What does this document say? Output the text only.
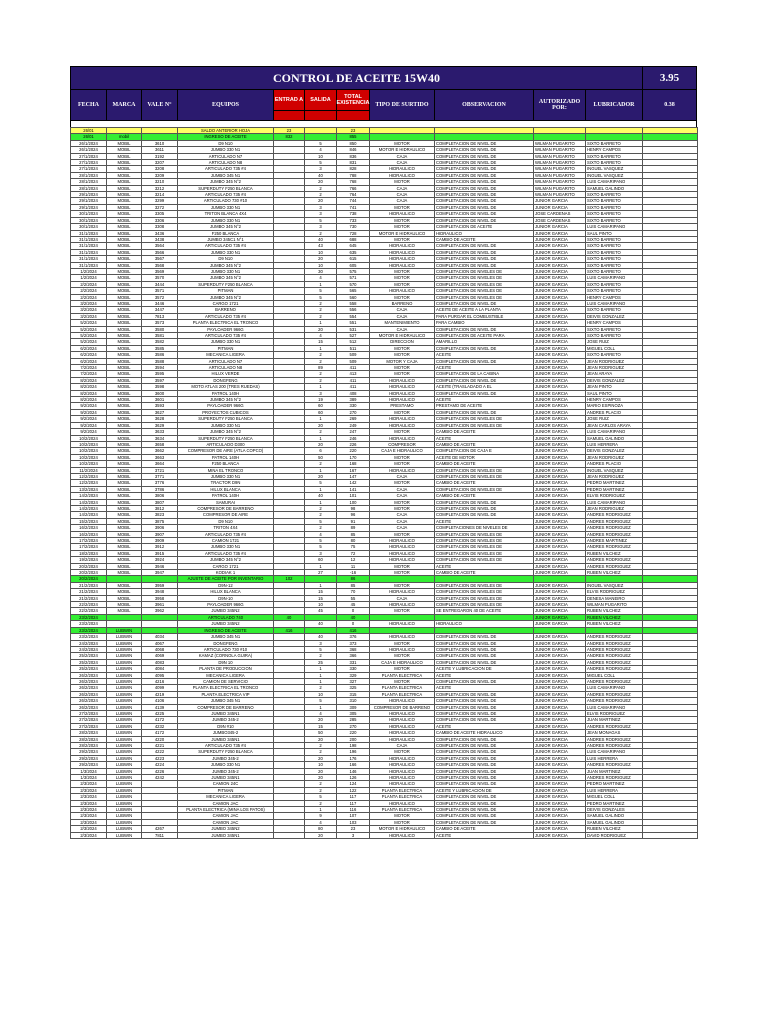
CONTROL DE ACEITE 15W40	3.95
FECHA	MARCA	VALE N°	EQUIPOS
ENTRAD A	SALIDA	TOTAL EXISTENCIA TIPO DE SURTIDO	OBSERVACION	AUTORIZADO POR:	LUBRICADOR	0.38
26/01			SALDO ANTERIOR HOJA	23		23					
26/01	mobil		INGRESO DE ACEITE	832		855					
26/1/2024	MOBIL	3610	D9 N10		5	850	MOTOR	COMPLETACION DE NIVEL DE	WILMAN PUGARITO	SIXTO BARRETO	
26/1/2024	MOBIL	3611	JUMBO 330 N1		4	846	MOTOR E HIDRAULICO	COMPLETACION DE NIVEL DE	WILMAN PUGARITO	HENRY CAMPOS	
27/1/2024	MOBIL	3192	ARTICULADO N7		10	836	CAJA	COMPLETACION DE NIVEL DE	WILMAN PUGARITO	SIXTO BARRETO	
27/1/2024	MOBIL	3207	ARTICULADO N8		5	831	CAJA	COMPLETACION DE NIVEL DE	WILMAN PUGARITO	SIXTO BARRETO	
27/1/2024	MOBIL	3208	ARTICULADO 735 #4		3	828	HIDRAULICO	COMPLETACION DE NIVEL DE	WILMAN PUGARITO	INGUEL VASQUEZ	
28/1/2024	MOBIL	3209	JUMBO 345 N1		40	788	HIDRAULICO	COMPLETACION DE NIVEL DE	WILMAN PUGARITO	INGUEL VASQUEZ	
28/1/2024	MOBIL	3210	JUMBO 345 N°2		20	768	MOTOR	COMPLETACION DE NIVEL DE	WILMAN PUGARITO	LUIS CAMARIPANO	
28/1/2024	MOBIL	3212	SUPERDUTY F250 BLANCA		2	766	CAJA	COMPLETACION DE NIVEL DE	WILMAN PUGARITO	SAMUEL GALINDO	
29/1/2024	MOBIL	3214	ARTICULADO 735 #4		2	764	CAJA	COMPLETACION DE NIVEL DE	WILMAN PUGARITO	SIXTO BARRETO	
29/1/2024	MOBIL	3299	ARTICULADO 730 #10		20	744	CAJA	COMPLETACION DE NIVEL DE	JUNIOR GARCIA	SIXTO BARRETO	
29/1/2024	MOBIL	3272	JUMBO 330 N1		3	741	MOTOR	COMPLETACION DE NIVEL DE	JUNIOR GARCIA	SIXTO BARRETO	
30/1/2024	MOBIL	3305	TRITON BLANCA 4X4		3	738	HIDRAULICO	COMPLETACION DE NIVEL DE	JOSE CARDENAS	SIXTO BARRETO	
30/1/2024	MOBIL	3306	JUMBO 330 N1		5	733	MOTOR	COMPLETACION DE NIVEL DE	JOSE CARDENAS	SIXTO BARRETO	
30/1/2024	MOBIL	3308	JUMBO 345 N°2		3	730	MOTOR	COMPLETACION DE ACEITE	JUNIOR GARCIA	LUIS CAMARIPANO	
31/1/2024	MOBIL	3436	F250 BLANCA		2	728	MOTOR E HIDRAULICO	HIDRAULICO	JUNIOR GARCIA	SAUL PINTO	
31/1/2024	MOBIL	3438	JUMBO 345C1 N°1		40	688	MOTOR	CAMBIO DE ACEITE	JUNIOR GARCIA	SIXTO BARRETO	
31/1/2024	MOBIL	3564	ARTICULADO 735 #4		43	645	HIDRAULICO	COMPLETACION DE NIVEL DE	JUNIOR GARCIA	SIXTO BARRETO	
31/1/2024	MOBIL	3566	JUMBO 330 N1		10	635	HIDRAULICO	COMPLETACION DE NIVEL DE	JUNIOR GARCIA	SIXTO BARRETO	
31/1/2024	MOBIL	3567	D9 N10		20	615	HIDRAULICO	COMPLETACION DE NIVEL DE	JUNIOR GARCIA	SIXTO BARRETO	
31/1/2024	MOBIL	3568	JUMBO 345 N°2		10	605	HIDRAULICO	COMPLETACION DE NIVEL DE	JUNIOR GARCIA	SIXTO BARRETO	
1/2/2024	MOBIL	3569	JUMBO 330 N1		30	575	MOTOR	COMPLETACION DE NIVELES DE	JUNIOR GARCIA	SIXTO BARRETO	
1/2/2024	MOBIL	3570	JUMBO 345 N°2		4	571	MOTOR	COMPLETACION DE NIVELES DE	JUNIOR GARCIA	LUIS CAMARIPANO	
2/2/2024	MOBIL	3444	SUPERDUTY F250 BLANCA		1	570	MOTOR	COMPLETACION DE NIVELES DE	JUNIOR GARCIA	SIXTO BARRETO	
2/2/2024	MOBIL	3571	PITMAN		5	565	HIDRAULICO	COMPLETACION DE NIVELES DE	JUNIOR GARCIA	SIXTO BARRETO	
2/2/2024	MOBIL	3572	JUMBO 345 N°2		5	560	MOTOR	COMPLETACION DE NIVELES DE	JUNIOR GARCIA	HENRY CAMPOS	
3/2/2024	MOBIL	3446	CARGO 1721		2	558	BARRENO	COMPLETACION DE NIVEL DE	JUNIOR GARCIA	LUIS CAMARIPANO	
3/2/2024	MOBIL	3447	BARRENO		2	556	CAJA	ACEITE DE ACEITE A LA PLANTA	JUNIOR GARCIA	SIXTO BARRETO	
3/2/2024	MOBIL	7813	ARTICULADO 735 #4		2	554	CAJA	PARA PURGAR EL COMBUSTIBLE	JUNIOR GARCIA	DEIVIS GONZALEZ	
5/2/2024	MOBIL	3573	PLANTA ELECTRICA EL TRONCO		1	551	MANTENIMIENTO	PARA CAMBIO	JUNIOR GARCIA	HENRY CAMPOS	
5/2/2024	MOBIL	3580	PAYLOADER 966G		20	531	CAJA	COMPLETACION DE NIVEL DE	JUNIOR GARCIA	SIXTO BARRETO	
5/2/2024	MOBIL	3581	ARTICULADO 735 #4		4	527	MOTOR E HIDRAULICO	COMPLETACION DE ACEITE PARA	JUNIOR GARCIA	SIXTO BARRETO	
5/2/2024	MOBIL	3582	JUMBO 330 N1		15	512	DIRECCION	AMARILLO	JUNIOR GARCIA	JOSE RUIZ	
6/2/2024	MOBIL	3585	PITMAN		1	511	MOTOR	COMPLETACION DE NIVEL DE	JUNIOR GARCIA	MIGUEL COLL	
6/2/2024	MOBIL	3586	MECANICA LIGERA		2	509	MOTOR	ACEITE	JUNIOR GARCIA	SIXTO BARRETO	
6/2/2024	MOBIL	3588	ARTICULADO N7		2	509	MOTOR Y CAJA	COMPLETACION DE NIVEL DE	JUNIOR GARCIA	JEAN RODRIGUEZ	
7/2/2024	MOBIL	3594	ARTICULADO N8		89	411	MOTOR	ACEITE	JUNIOR GARCIA	JEAN RODRIGUEZ	
7/2/2024	MOBIL	3595	HILUX VERDE		2	413	MOTOR	COMPLETACION DE LA CABINA	JUNIOR GARCIA	JEAN ARAYA	
8/2/2024	MOBIL	3597	DONGFENG		2	411	HIDRAULICO	COMPLETACION DE NIVEL DE	JUNIOR GARCIA	DEIVIS GONZALEZ	
8/2/2024	MOBIL	3598	MOTO ATLAS 200 (TRES RUEDAS)		1	411	HIDRAULICO	ACEITE (TRASLADADO A EL	JUNIOR GARCIA	JEAN PINTO	
8/2/2024	MOBIL	3600	PATROL 140H		3	408	HIDRAULICO	COMPLETACION DE NIVEL DE	JUNIOR GARCIA	SAUL PINTO	
8/2/2024	MOBIL	3601	JUMBO 345 N°2		19	389	HIDRAULICO	ACEITE	JUNIOR GARCIA	HENRY CAMPOS	
9/2/2024	MOBIL	3593	PAYLOADER 966G		60	330	PRESTAMO	PRESTAMO DE ACEITE	JUNIOR GARCIA	MARIO ESPINOZA	
9/2/2024	MOBIL	3627	PROYECTOS CUBICOS		60	270	MOTOR	COMPLETACION DE NIVEL DE	JUNIOR GARCIA	ANDRES PLACIO	
9/2/2024	MOBIL	3628	SUPERDUTY F250 BLANCA		1	269	HIDRAULICO	COMPLETACION DE NIVELES DE	JUNIOR GARCIA	JOSE RUIZ	
9/2/2024	MOBIL	3629	JUMBO 330 N1		20	249	HIDRAULICO	COMPLETACION DE NIVELES DE	JUNIOR GARCIA	JEAN CARLOS ARAYA	
9/2/2024	MOBIL	3633	JUMBO 345 N°2		2	247	MOTOR	CAMBIO DE ACEITE	JUNIOR GARCIA	LUIS CAMARIPANO	
10/2/2024	MOBIL	3634	SUPERDUTY F250 BLANCA		1	246	HIDRAULICO	ACEITE	JUNIOR GARCIA	SAMUEL GALINDO	
10/2/2024	MOBIL	3658	ARTICULADO D300		20	226	COMPRESOR	CAMBIO DE ACEITE	JUNIOR GARCIA	LUIS HERRERA	
10/2/2024	MOBIL	3662	COMPRESOR DE AIRE (ATLA COPCO)		6	220	CAJA E HIDRAULICO	COMPLETACION DE CAJA E	JUNIOR GARCIA	DEIVIS GONZALEZ	
10/2/2024	MOBIL	3663	PATROL 140H		50	170	MOTOR	ACEITE DE MOTOR	JUNIOR GARCIA	JEAN RODRIGUEZ	
10/2/2024	MOBIL	3664	F250 BLANCA		2	168	MOTOR	CAMBIO DE ACEITE	JUNIOR GARCIA	ANDRES PLACIO	
11/2/2024	MOBIL	3721	MINA EL TRONCO		1	167	HIDRAULICO	COMPLETACION DE NIVELES DE	JUNIOR GARCIA	INGUEL VASQUEZ	
12/2/2024	MOBIL	3771	JUMBO 330 N1		20	147	CAJA	COMPLETACION DE NIVELES DE	JUNIOR GARCIA	JEAN RODRIGUEZ	
12/2/2024	MOBIL	3776	TRACTOR D9N		5	142	MOTOR	CAMBIO DE ACEITE	JUNIOR GARCIA	PEDRO MARTINEZ	
13/2/2024	MOBIL	3786	HILUX BLANCA		1	141	CAJA	COMPLETACION DE NIVELES DE	JUNIOR GARCIA	PEDRO MARTINEZ	
14/2/2024	MOBIL	3806	PATROL 140H		40	101	CAJA	CAMBIO DE ACEITE	JUNIOR GARCIA	ELVIS RODRIGUEZ	
14/2/2024	MOBIL	3807	SAMURAI		1	100	MOTOR	COMPLETACION DE NIVEL DE	JUNIOR GARCIA	LUIS CAMARIPANO	
14/2/2024	MOBIL	3812	COMPRESOR DE BARRENO		2	98	MOTOR	COMPLETACION DE NIVEL DE	JUNIOR GARCIA	JEAN RODRIGUEZ	
14/2/2024	MOBIL	3823	COMPRESOR DE AIRE		2	96	CAJA	COMPLETACION DE NIVEL DE	JUNIOR GARCIA	ANDRES RODRIGUEZ	
15/2/2024	MOBIL	3875	D9 N10		5	91	CAJA	ACEITE	JUNIOR GARCIA	ANDRES RODRIGUEZ	
16/2/2024	MOBIL	3906	TRITON 4X4		2	89	CAJA	COMPLETACIONES DE NIVELES DE	JUNIOR GARCIA	ANDRES RODRIGUEZ	
16/2/2024	MOBIL	3907	ARTICULADO 735 #4		4	85	MOTOR	COMPLETACION DE NIVELES DE	JUNIOR GARCIA	ANDRES RODRIGUEZ	
17/2/2024	MOBIL	3909	CAMION 1721		5	80	HIDRAULICO	COMPLETACION DE NIVELES DE	JUNIOR GARCIA	ANDRES MARTINEZ	
17/2/2024	MOBIL	3912	JUMBO 330 N1		5	75	HIDRAULICO	COMPLETACION DE NIVELES DE	JUNIOR GARCIA	ANDRES RODRIGUEZ	
18/2/2024	MOBIL	3915	ARTICULADO 735 #4		3	72	HIDRAULICO	COMPLETACION DE NIVELES DE	JUNIOR GARCIA	RUBEN VILCHEZ	
19/2/2024	MOBIL	3924	JUMBO 345 N°2		60	12	HIDRAULICO	COMPLETACION DE NIVELES DE	JUNIOR GARCIA	ANDRES RODRIGUEZ	
20/2/2024	MOBIL	3946	CARGO 1721		1	11	MOTOR	ACEITE	JUNIOR GARCIA	ANDRES RODRIGUEZ	
20/2/2024	MOBIL	3947	KODIAK 1		27	-16	MOTOR	CAMBIO DE ACEITE	JUNIOR GARCIA	RUBEN VILCHEZ	
20/2/2024			AJUSTE DE ACEITE POR INVENTARIO	102		86					
21/2/2024	MOBIL	3959	D9N-12		1	85	MOTOR	COMPLETACION DE NIVELES DE	JUNIOR GARCIA	INGUEL VASQUEZ	
21/2/2024	MOBIL	3948	HILUX BLANCA		15	70	HIDRAULICO	COMPLETACION DE NIVELES DE	JUNIOR GARCIA	ELVIS RODRIGUEZ	
21/2/2024	MOBIL	3958	D9N-10		15	55	CAJA	COMPLETACION DE NIVELES DE	JUNIOR GARCIA	DENESA MANEIRO	
22/2/2024	MOBIL	3961	PAYLOADER 966G		10	45	HIDRAULICO	COMPLETACION DE NIVELES DE	JUNIOR GARCIA	WILMAN PUGARITO	
22/2/2024	MOBIL	3962	JUMBO 345N2		45	0	MOTOR	SE ENTREGARON 40 DE ACEITE	JUNIOR GARCIA	RUBEN VILCHEZ	
23/2/2024			ARTICULADO 740	40		40			JUNIOR GARCIA	RUBEN VILCHEZ	
23/2/2024			JUMBO 345N2		40	0	HIDRAULICO	HIDRAULICO	JUNIOR GARCIA	RUBEN VILCHEZ	
23/2/2024	LUBWIN		INGRESO DE ACEITE	416		416					
23/2/2024	LUBWIN	4034	JUMBO 345 N1		40	376	HIDRAULICO	COMPLETACION DE NIVEL DE	JUNIOR GARCIA	ANDRES RODRIGUEZ	
24/2/2024	LUBWIN	4067	DONGFENG		3	373	MOTOR	COMPLETACION DE NIVEL DE	JUNIOR GARCIA	ANDRES RODRIGUEZ	
24/2/2024	LUBWIN	4068	ARTICULADO 730 #10		5	368	HIDRAULICO	COMPLETACION DE NIVEL DE	JUNIOR GARCIA	ANDRES RODRIGUEZ	
25/2/2024	LUBWIN	4069	KAMAZ (CORNOLA GUIRA)		2	366	MOTOR	COMPLETACION DE NIVEL DE	JUNIOR GARCIA	ANDRES RODRIGUEZ	
25/2/2024	LUBWIN	4083	D9N 10		25	331	CAJA E HIDRAULICO	COMPLETACION DE NIVEL DE	JUNIOR GARCIA	ANDRES RODRIGUEZ	
25/2/2024	LUBWIN	4084	PLANTA DE PRODUCCION		1	330	MOTOR	ACEITE Y LUBRICACION DE	JUNIOR GARCIA	ANDRES RODRIGUEZ	
26/2/2024	LUBWIN	4095	MECANICA LIGERA		1	329	PLANTA ELECTRICA	ACEITE	JUNIOR GARCIA	MIGUEL COLL	
26/2/2024	LUBWIN	4216	CAMION DE SERVICIO		1	327	MOTOR	COMPLETACION DE NIVEL DE	JUNIOR GARCIA	ANDRES RODRIGUEZ	
26/2/2024	LUBWIN	4099	PLANTA ELECTRICA EL TRONCO		2	325	PLANTA ELECTRICA	ACEITE	JUNIOR GARCIA	LUIS CAMARIPANO	
26/2/2024	LUBWIN	4219	PLANTA ELECTRICA VIP		10	315	PLANTA ELECTRICA	COMPLETACION DE NIVEL DE	JUNIOR GARCIA	ANDRES RODRIGUEZ	
26/2/2024	LUBWIN	4106	JUMBO 345 N1		5	310	HIDRAULICO	COMPLETACION DE NIVEL DE	JUNIOR GARCIA	ANDRES RODRIGUEZ	
26/2/2024	LUBWIN	4139	COMPRESOR DE BARRENO		1	309	COMPRESOR DE BARRENO	COMPLETACION DE NIVEL DE	JUNIOR GARCIA	LUIS CAMARIPANO	
27/2/2024	LUBWIN	4225	JUMBO 345N1		4	305	HIDRAULICO	COMPLETACION DE NIVEL DE	JUNIOR GARCIA	ELVIS RODRIGUEZ	
27/2/2024	LUBWIN	4172	JUMBO 345-2		20	285	HIDRAULICO	COMPLETACION DE NIVEL DE	JUNIOR GARCIA	JUAN MARTINEZ	
27/2/2024	LUBWIN	4232	D9N #10		15	270	HIDRAULICO	ACEITE	JUNIOR GARCIA	ANDRES RODRIGUEZ	
28/2/2024	LUBWIN	4172	JUMBO345-2		50	220	HIDRAULICO	CAMBIO DE ACEITE HIDRAULICO	JUNIOR GARCIA	JEAN MONAGAS	
28/2/2024	LUBWIN	4220	JUMBO 345N1		20	200	HIDRAULICO	COMPLETACION DE NIVEL DE	JUNIOR GARCIA	ANDRES RODRIGUEZ	
28/2/2024	LUBWIN	4221	ARTICULADO 735 #4		2	198	CAJA	COMPLETACION DE NIVEL DE	JUNIOR GARCIA	ANDRES RODRIGUEZ	
29/2/2024	LUBWIN	4222	SUPERDUTY F250 BLANCA		2	196	MOTOR	COMPLETACION DE NIVEL DE	JUNIOR GARCIA	LUIS CAMARIPANO	
29/2/2024	LUBWIN	4223	JUMBO 345-2		20	176	HIDRAULICO	COMPLETACION DE NIVEL DE	JUNIOR GARCIA	LUIS HERRERA	
29/2/2024	LUBWIN	4224	JUMBO 330 N1		10	166	HIDRAULICO	COMPLETACION DE NIVEL DE	JUNIOR GARCIA	ANDRES RODRIGUEZ	
1/3/2024	LUBWIN	4226	JUMBO 345-2		20	146	HIDRAULICO	COMPLETACION DE NIVEL DE	JUNIOR GARCIA	JUAN MARTINEZ	
1/3/2024	LUBWIN	4242	JUMBO 345N1		20	126	HIDRAULICO	COMPLETACION DE NIVEL DE	JUNIOR GARCIA	ANDRES RODRIGUEZ	
2/3/2024	LUBWIN		CAMION 24C		2	124	HIDRAULICO	COMPLETACION DE NIVEL DE	JUNIOR GARCIA	PEDRO MARTINEZ	
2/3/2024	LUBWIN		PITMAN		2	122	PLANTA ELECTRICA	ACEITE Y LUBRICACION DE	JUNIOR GARCIA	LUIS HERRERA	
2/3/2024	LUBWIN		MECANICA LIGERA		5	117	PLANTA ELECTRICA	COMPLETACION DE NIVEL DE	JUNIOR GARCIA	MIGUEL COLL	
2/3/2024	LUBWIN		CAMION JAC		2	117	HIDRAULICO	COMPLETACION DE NIVEL DE	JUNIOR GARCIA	PEDRO MARTINEZ	
2/3/2024	LUBWIN		PLANTA ELECTRICA (MINA LOS PATOS)		1	116	PLANTA ELECTRICA	COMPLETACION DE NIVEL DE	JUNIOR GARCIA	DEIVIS GONZALES	
2/3/2024	LUBWIN		CAMION JAC		9	107	MOTOR	COMPLETACION DE NIVEL DE	JUNIOR GARCIA	SAMUEL GALINDO	
2/3/2024	LUBWIN		CAMION JAC		4	103	MOTOR	COMPLETACION DE NIVEL DE	JUNIOR GARCIA	SAMUEL GALINDO	
2/3/2024	LUBWIN	4267	JUMBO 345N2		80	23	MOTOR E HIDRAULICO	CAMBIO DE ACEITE	JUNIOR GARCIA	RUBEN VILCHEZ	
2/3/2024	LUBWIN	7811	JUMBO 345N1		20	3	HIDRAULICO	ACEITE	JUNIOR GARCIA	DAVID RODRIGUEZ	
